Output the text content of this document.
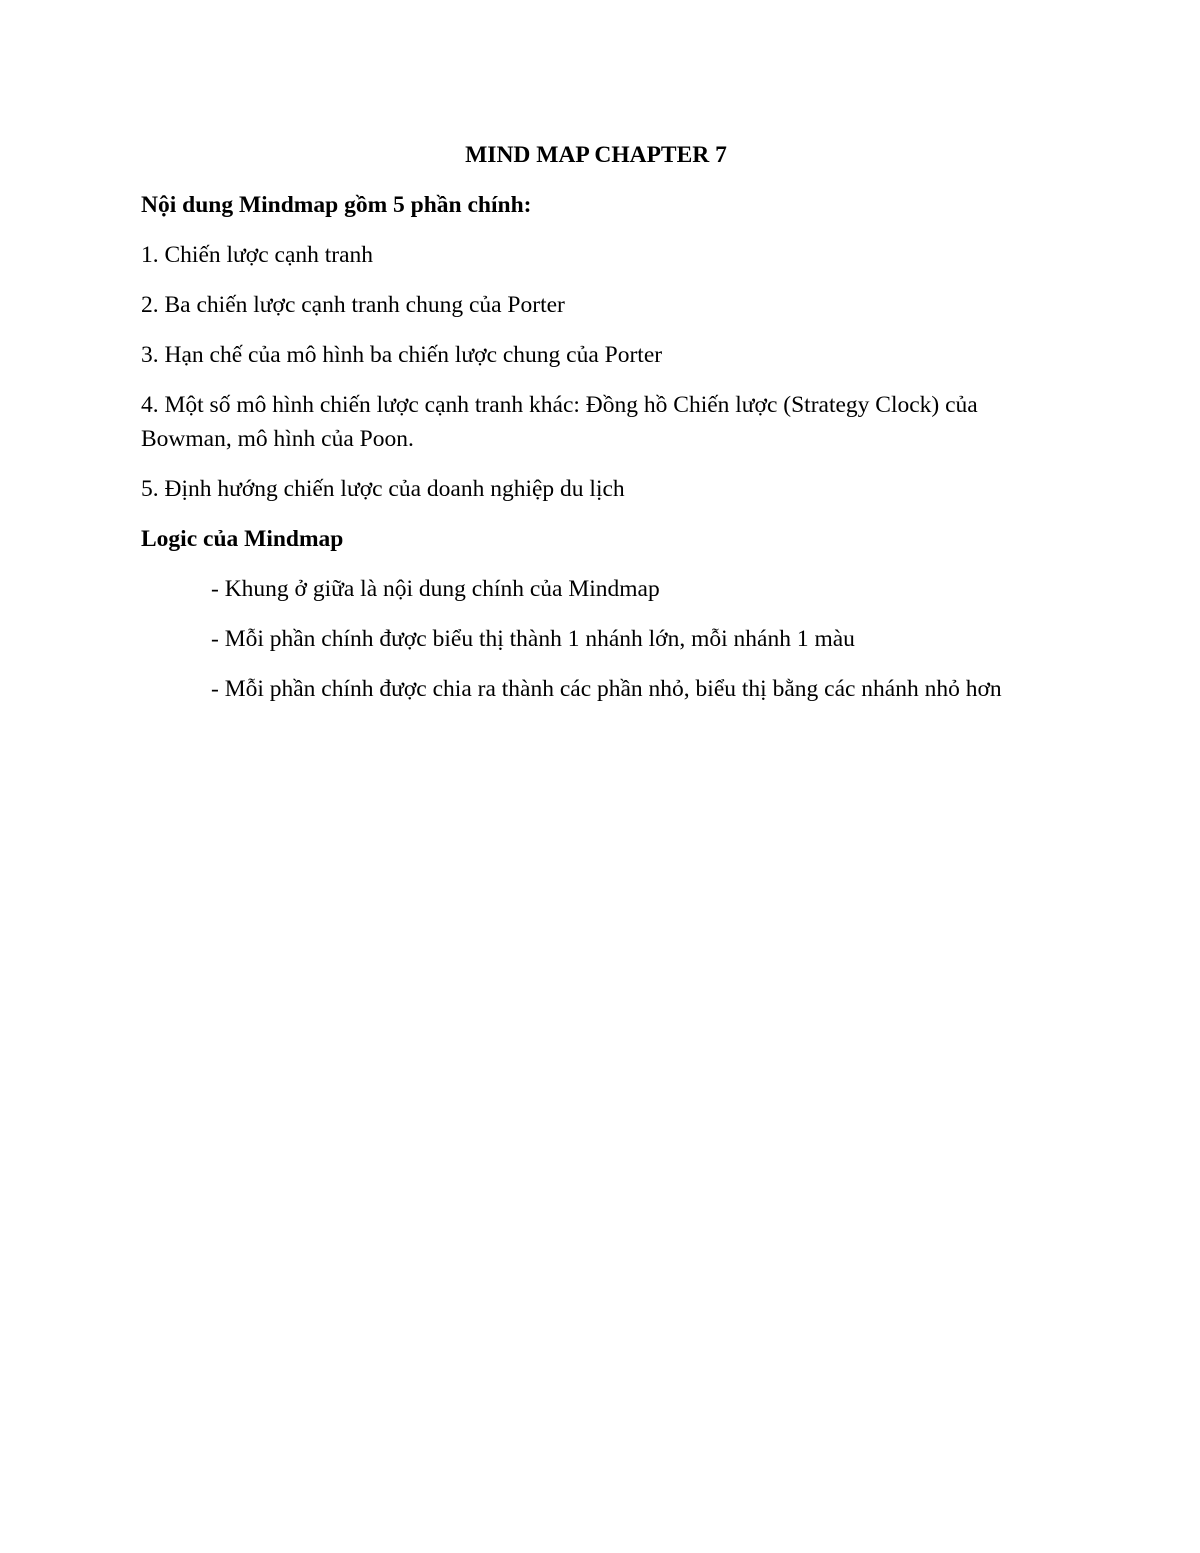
MIND MAP CHAPTER 7
Nội dung Mindmap gồm 5 phần chính:
1. Chiến lược cạnh tranh
2. Ba chiến lược cạnh tranh chung của Porter
3. Hạn chế của mô hình ba chiến lược chung của Porter
4. Một số mô hình chiến lược cạnh tranh khác: Đồng hồ Chiến lược (Strategy Clock) của Bowman, mô hình của Poon.
5. Định hướng chiến lược của doanh nghiệp du lịch
Logic của Mindmap
- Khung ở giữa là nội dung chính của Mindmap
- Mỗi phần chính được biểu thị thành 1 nhánh lớn, mỗi nhánh 1 màu
- Mỗi phần chính được chia ra thành các phần nhỏ, biểu thị bằng các nhánh nhỏ hơn
